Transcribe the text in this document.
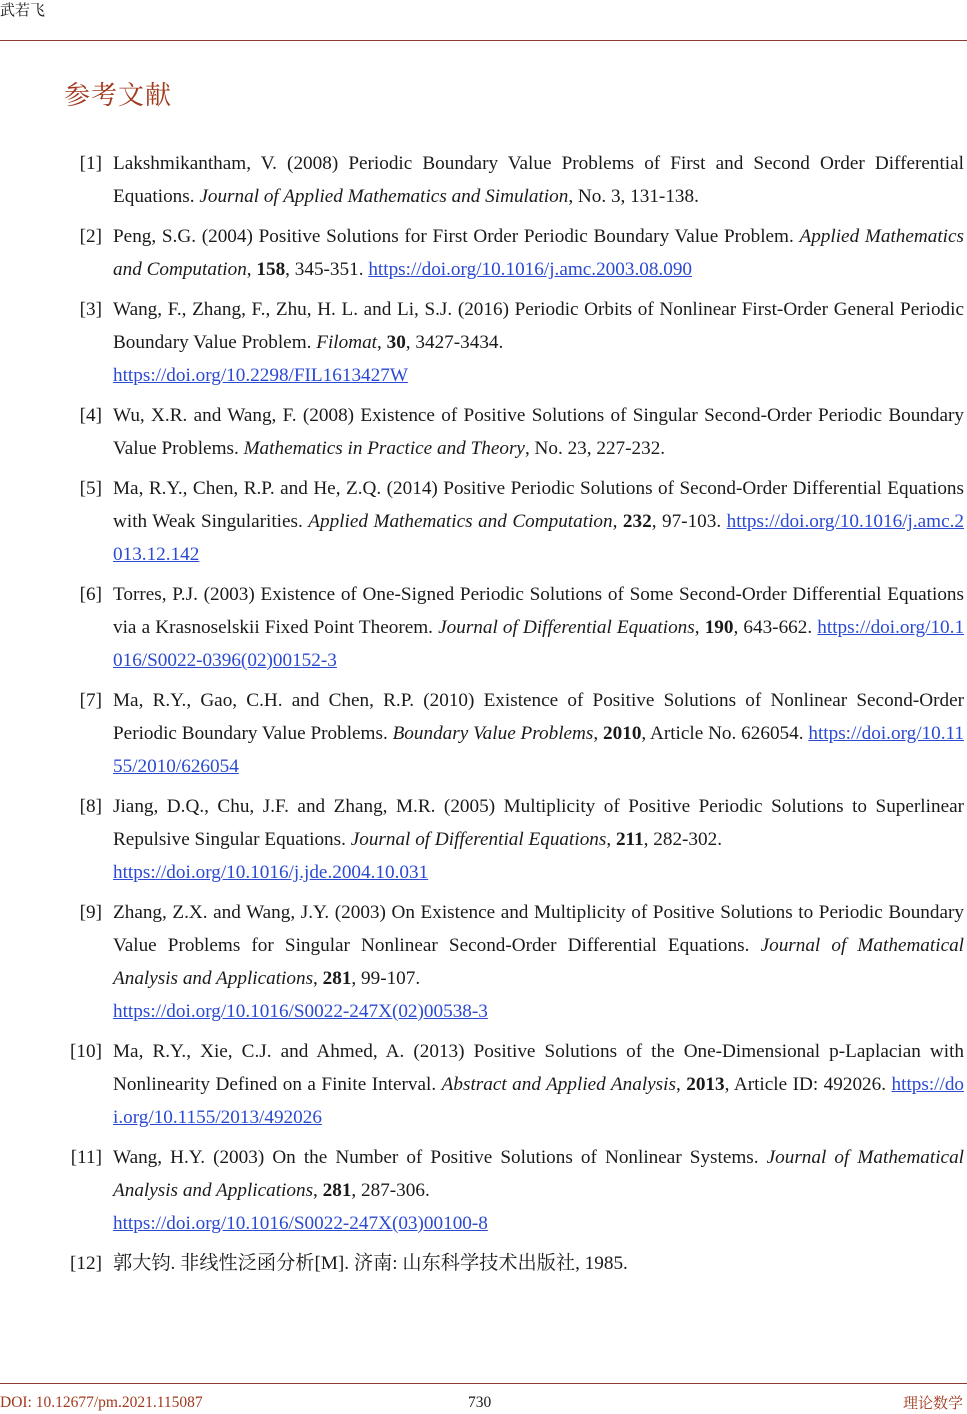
武若飞
参考文献
[1] Lakshmikantham, V. (2008) Periodic Boundary Value Problems of First and Second Order Differential Equations. Journal of Applied Mathematics and Simulation, No. 3, 131-138.
[2] Peng, S.G. (2004) Positive Solutions for First Order Periodic Boundary Value Problem. Applied Mathematics and Computation, 158, 345-351. https://doi.org/10.1016/j.amc.2003.08.090
[3] Wang, F., Zhang, F., Zhu, H. L. and Li, S.J. (2016) Periodic Orbits of Nonlinear First-Order General Periodic Boundary Value Problem. Filomat, 30, 3427-3434.
https://doi.org/10.2298/FIL1613427W
[4] Wu, X.R. and Wang, F. (2008) Existence of Positive Solutions of Singular Second-Order Periodic Boundary Value Problems. Mathematics in Practice and Theory, No. 23, 227-232.
[5] Ma, R.Y., Chen, R.P. and He, Z.Q. (2014) Positive Periodic Solutions of Second-Order Differential Equations with Weak Singularities. Applied Mathematics and Computation, 232, 97-103. https://doi.org/10.1016/j.amc.2013.12.142
[6] Torres, P.J. (2003) Existence of One-Signed Periodic Solutions of Some Second-Order Differential Equations via a Krasnoselskii Fixed Point Theorem. Journal of Differential Equations, 190, 643-662. https://doi.org/10.1016/S0022-0396(02)00152-3
[7] Ma, R.Y., Gao, C.H. and Chen, R.P. (2010) Existence of Positive Solutions of Nonlinear Second-Order Periodic Boundary Value Problems. Boundary Value Problems, 2010, Article No. 626054. https://doi.org/10.1155/2010/626054
[8] Jiang, D.Q., Chu, J.F. and Zhang, M.R. (2005) Multiplicity of Positive Periodic Solutions to Superlinear Repulsive Singular Equations. Journal of Differential Equations, 211, 282-302.
https://doi.org/10.1016/j.jde.2004.10.031
[9] Zhang, Z.X. and Wang, J.Y. (2003) On Existence and Multiplicity of Positive Solutions to Periodic Boundary Value Problems for Singular Nonlinear Second-Order Differential Equations. Journal of Mathematical Analysis and Applications, 281, 99-107.
https://doi.org/10.1016/S0022-247X(02)00538-3
[10] Ma, R.Y., Xie, C.J. and Ahmed, A. (2013) Positive Solutions of the One-Dimensional p-Laplacian with Nonlinearity Defined on a Finite Interval. Abstract and Applied Analysis, 2013, Article ID: 492026. https://doi.org/10.1155/2013/492026
[11] Wang, H.Y. (2003) On the Number of Positive Solutions of Nonlinear Systems. Journal of Mathematical Analysis and Applications, 281, 287-306.
https://doi.org/10.1016/S0022-247X(03)00100-8
[12] 郭大钧. 非线性泛函分析[M]. 济南: 山东科学技术出版社, 1985.
DOI: 10.12677/pm.2021.115087	730	理论数学
